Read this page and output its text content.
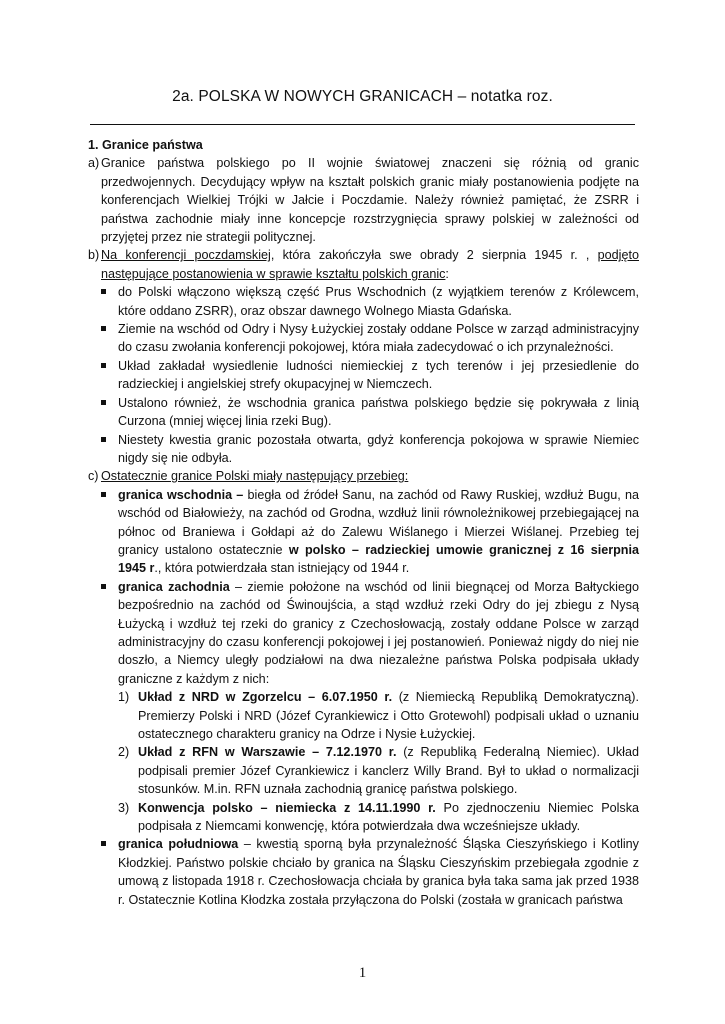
2a. POLSKA W NOWYCH GRANICACH – notatka roz.

1. Granice państwa

a) Granice państwa polskiego po II wojnie światowej znaczeni się różnią od granic przedwojennych. Decydujący wpływ na kształt polskich granic miały postanowienia podjęte na konferencjach Wielkiej Trójki w Jałcie i Poczdamie. Należy również pamiętać, że ZSRR i państwa zachodnie miały inne koncepcje rozstrzygnięcia sprawy polskiej w zależności od przyjętej przez nie strategii politycznej.

b) Na konferencji poczdamskiej, która zakończyła swe obrady 2 sierpnia 1945 r. , podjęto następujące postanowienia w sprawie kształtu polskich granic:

do Polski włączono większą część Prus Wschodnich (z wyjątkiem terenów z Królewcem, które oddano ZSRR), oraz obszar dawnego Wolnego Miasta Gdańska.
Ziemie na wschód od Odry i Nysy Łużyckiej zostały oddane Polsce w zarząd administracyjny do czasu zwołania konferencji pokojowej, która miała zadecydować o ich przynależności.
Układ zakładał wysiedlenie ludności niemieckiej z tych terenów i jej przesiedlenie do radzieckiej i angielskiej strefy okupacyjnej w Niemczech.
Ustalono również, że wschodnia granica państwa polskiego będzie się pokrywała z linią Curzona (mniej więcej linia rzeki Bug).
Niestety kwestia granic pozostała otwarta, gdyż konferencja pokojowa w sprawie Niemiec nigdy się nie odbyła.

c) Ostatecznie granice Polski miały następujący przebieg:

granica wschodnia – biegła od źródeł Sanu, na zachód od Rawy Ruskiej, wzdłuż Bugu, na wschód od Białowieży, na zachód od Grodna, wzdłuż linii równoleżnikowej przebiegającej na północ od Braniewa i Gołdapi aż do Zalewu Wiślanego i Mierzei Wiślanej. Przebieg tej granicy ustalono ostatecznie w polsko – radzieckiej umowie granicznej z 16 sierpnia 1945 r., która potwierdzała stan istniejący od 1944 r.
granica zachodnia – ziemie położone na wschód od linii biegnącej od Morza Bałtyckiego bezpośrednio na zachód od Świnoujścia, a stąd wzdłuż rzeki Odry do jej zbiegu z Nysą Łużycką i wzdłuż tej rzeki do granicy z Czechosłowacją, zostały oddane Polsce w zarząd administracyjny do czasu konferencji pokojowej i jej postanowień. Ponieważ nigdy do niej nie doszło, a Niemcy uległy podziałowi na dwa niezależne państwa Polska podpisała układy graniczne z każdym z nich:
1) Układ z NRD w Zgorzelcu – 6.07.1950 r. (z Niemiecką Republiką Demokratyczną). Premierzy Polski i NRD (Józef Cyrankiewicz i Otto Grotewohl) podpisali układ o uznaniu ostatecznego charakteru granicy na Odrze i Nysie Łużyckiej.
2) Układ z RFN w Warszawie – 7.12.1970 r. (z Republiką Federalną Niemiec). Układ podpisali premier Józef Cyrankiewicz i kanclerz Willy Brand. Był to układ o normalizacji stosunków. M.in. RFN uznała zachodnią granicę państwa polskiego.
3) Konwencja polsko – niemiecka z 14.11.1990 r. Po zjednoczeniu Niemiec Polska podpisała z Niemcami konwencję, która potwierdzała dwa wcześniejsze układy.
granica południowa – kwestią sporną była przynależność Śląska Cieszyńskiego i Kotliny Kłodzkiej. Państwo polskie chciało by granica na Śląsku Cieszyńskim przebiegała zgodnie z umową z listopada 1918 r. Czechosłowacja chciała by granica była taka sama jak przed 1938 r. Ostatecznie Kotlina Kłodzka została przyłączona do Polski (została w granicach państwa
1
